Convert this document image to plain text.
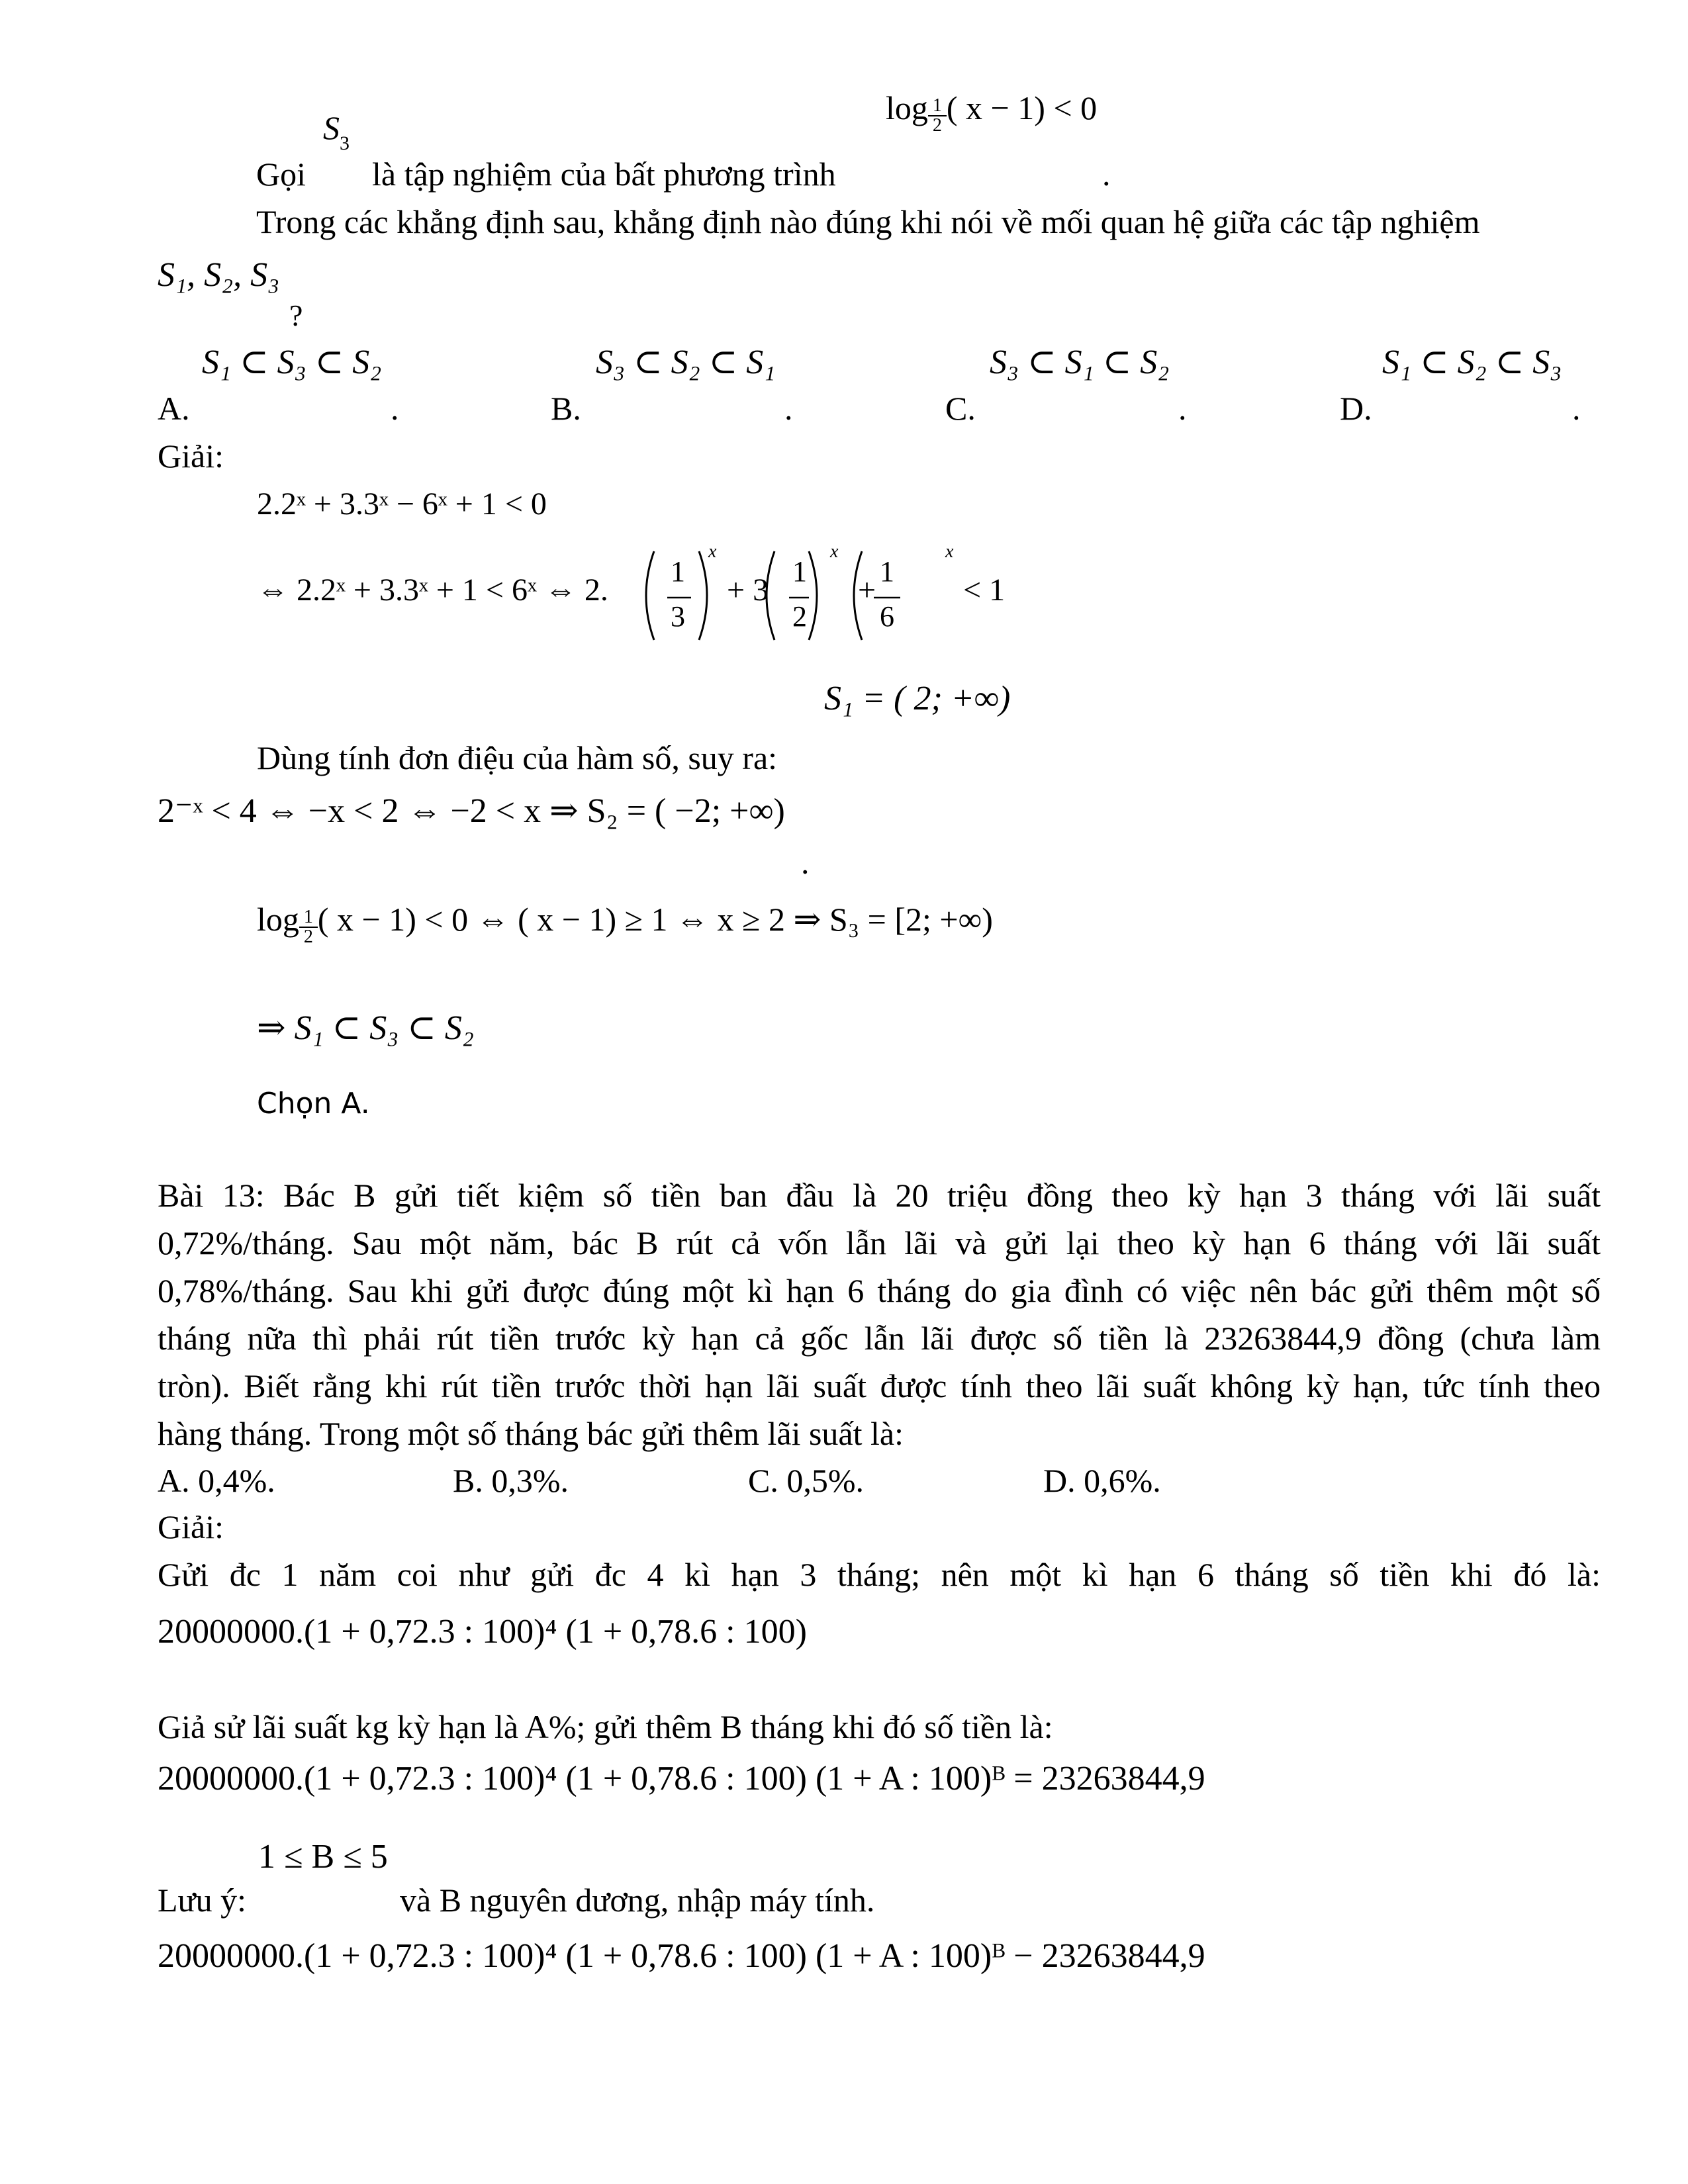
$\log \frac{1}{2}$ ( x − 1) < 0
$S_3$
Gọi là tập nghiệm của bất phương trình	.
Trong các khẳng định sau, khẳng định nào đúng khi nói về mối quan hệ giữa các tập nghiệm
S₁, S₂, S₃
?
S₁ ⊂ S₃ ⊂ S₂	S₃ ⊂ S₂ ⊂ S₁	S₃ ⊂ S₁ ⊂ S₂	S₁ ⊂ S₂ ⊂ S₃
A.	.	B.	.	C.	.	D.	.
Giải:
2.2ˣ + 3.3ˣ − 6ˣ + 1 < 0
⇔ 2.2ˣ + 3.3ˣ + 1 < 6ˣ ⇔ 2.
1
3
x
+ 3
1
2
x
+
1
6
x
< 1
S₁ = ( 2; +∞)
Dùng tính đơn điệu của hàm số, suy ra:
2⁻ˣ < 4 ⇔ −x < 2 ⇔ −2 < x ⇒ S₂ = ( −2; +∞)
.
$\log \frac{1}{2}$ ( x − 1) < 0 ⇔ ( x − 1) ≥ 1 ⇔ x ≥ 2 ⇒ S₃ = [2; +∞)
⇒ S₁ ⊂ S₃ ⊂ S₂
Chọn A.
Bài 13: Bác B gửi tiết kiệm số tiền ban đầu là 20 triệu đồng theo kỳ hạn 3 tháng với lãi suất
0,72%/tháng. Sau một năm, bác B rút cả vốn lẫn lãi và gửi lại theo kỳ hạn 6 tháng với lãi suất
0,78%/tháng. Sau khi gửi được đúng một kì hạn 6 tháng do gia đình có việc nên bác gửi thêm một số
tháng nữa thì phải rút tiền trước kỳ hạn cả gốc lẫn lãi được số tiền là 23263844,9 đồng (chưa làm
tròn). Biết rằng khi rút tiền trước thời hạn lãi suất được tính theo lãi suất không kỳ hạn, tức tính theo
hàng tháng. Trong một số tháng bác gửi thêm lãi suất là:
A. 0,4%.	B. 0,3%.	C. 0,5%.	D. 0,6%.
Giải:
Gửi đc 1 năm coi như gửi đc 4 kì hạn 3 tháng; nên một kì hạn 6 tháng số tiền khi đó là:
20000000.(1 + 0,72.3 : 100)⁴ (1 + 0,78.6 : 100)
Giả sử lãi suất kg kỳ hạn là A%; gửi thêm B tháng khi đó số tiền là:
20000000.(1 + 0,72.3 : 100)⁴ (1 + 0,78.6 : 100) (1 + A : 100)ᴮ = 23263844,9
1 ≤ B ≤ 5
Lưu ý:	và B nguyên dương, nhập máy tính.
20000000.(1 + 0,72.3 : 100)⁴ (1 + 0,78.6 : 100) (1 + A : 100)ᴮ − 23263844,9
